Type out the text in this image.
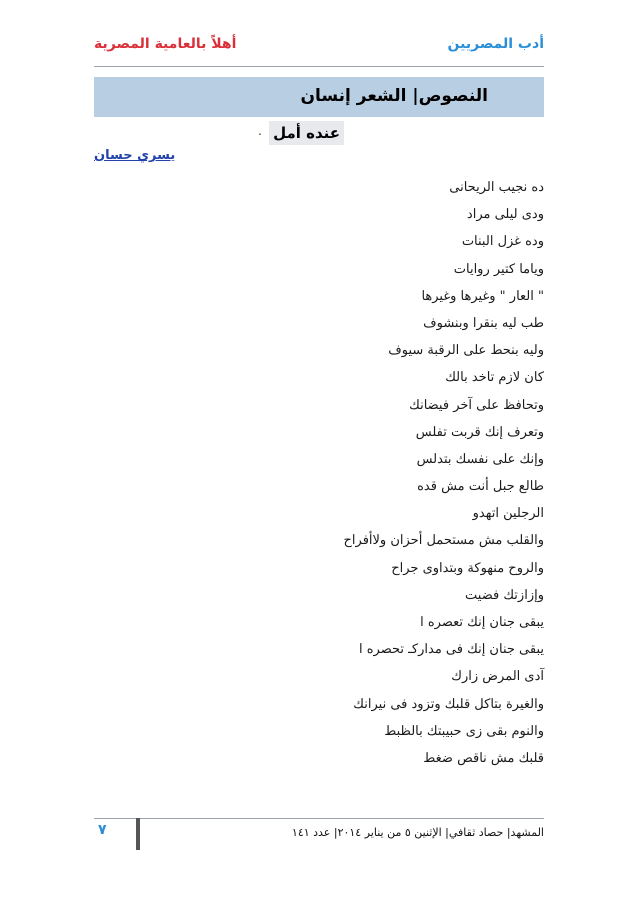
أهلاً بالعامية المصرية	أدب المصريين
النصوص| الشعر إنسان
عنده أمل
.
يسري حسان
ده نجيب الريحانى
ودى ليلى مراد
وده غزل البنات
وياما كتير روايات
" العار " وغيرها وغيرها
طب ليه بنقرا وبنشوف
وليه بنحط على الرقبة سيوف
كان لازم تاخد بالك
وتحافظ على آخر فيضانك
وتعرف إنك قربت تفلس
وإنك على نفسك بتدلس
طالع جبل أنت مش قده
الرجلين اتهدو
والقلب مش مستحمل أحزان ولاأفراح
والروح منهوكة وبتداوى جراح
وإزازتك فضيت
يبقى جنان إنك تعصره ا
يبقى جنان إنك فى مداركـ تحصره ا
آدى المرض زارك
والغيرة بتاكل قلبك وتزود فى نيرانك
والنوم بقى زى حبيبتك بالظبط
قلبك مش ناقص ضغط
٧	المشهد| حصاد ثقافي| الإثنين ٥ من يناير ٢٠١٤| عدد ١٤١
